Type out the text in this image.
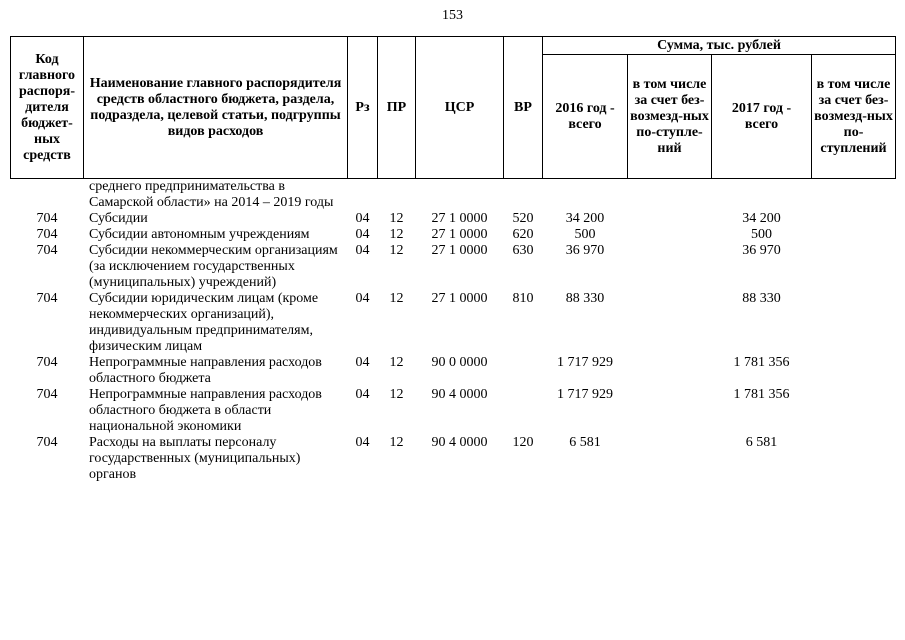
153
Код главного распоря-дителя бюджет-ных средств	Наименование главного распорядителя средств областного бюджета, раздела, подраздела, целевой статьи, подгруппы видов расходов	Рз	ПР	ЦСР	ВР	Сумма, тыс. рублей			
						2016 год - всего	в том числе за счет без-возмезд-ных по-ступле-ний	2017 год - всего	в том числе за счет без-возмезд-ных по-ступлений
	среднего предпринимательства в Самарской области» на 2014 – 2019 годы								
704	Субсидии	04	12	27 1 0000	520	34 200		34 200	
704	Субсидии автономным учреждениям	04	12	27 1 0000	620	500		500	
704	Субсидии некоммерческим организациям (за исключением государственных (муниципальных) учреждений)	04	12	27 1 0000	630	36 970		36 970	
704	Субсидии юридическим лицам (кроме некоммерческих организаций), индивидуальным предпринимателям, физическим лицам	04	12	27 1 0000	810	88 330		88 330	
704	Непрограммные направления расходов областного бюджета	04	12	90 0 0000		1 717 929		1 781 356	
704	Непрограммные направления расходов областного бюджета в области национальной экономики	04	12	90 4 0000		1 717 929		1 781 356	
704	Расходы на выплаты персоналу государственных (муниципальных) органов	04	12	90 4 0000	120	6 581		6 581	
